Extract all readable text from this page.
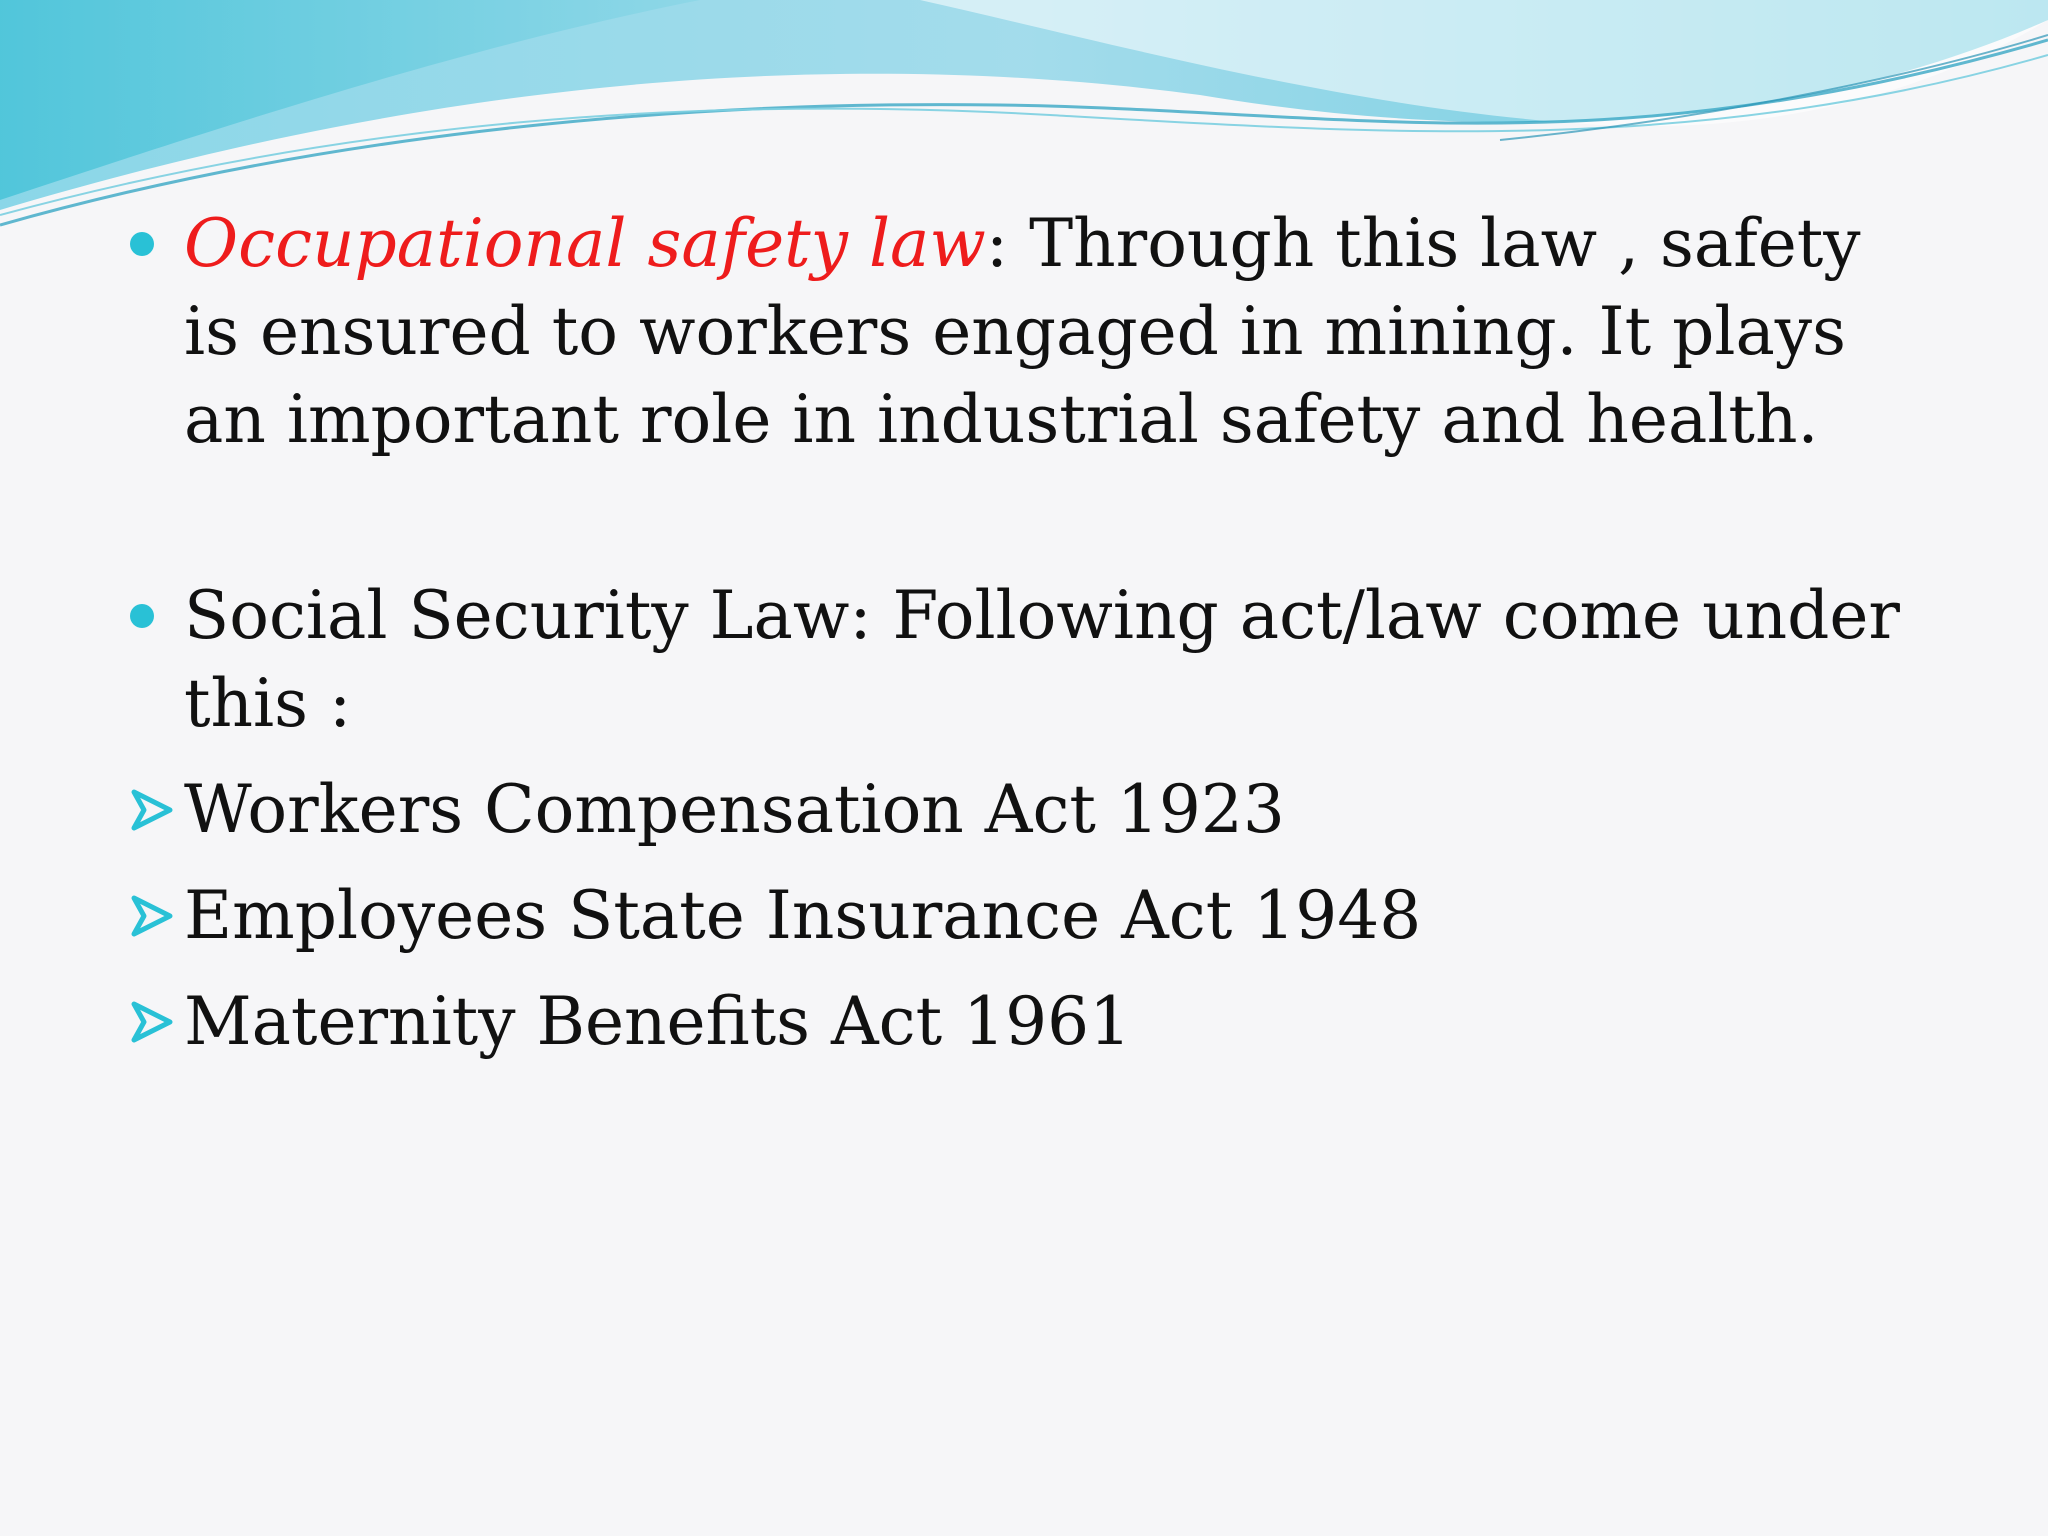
Occupational safety law: Through this law , safety is ensured to workers engaged in mining. It plays an important role in industrial safety and health.

Social Security Law: Following act/law come under this :

Workers Compensation Act 1923

Employees State Insurance Act 1948

Maternity Benefits Act 1961
